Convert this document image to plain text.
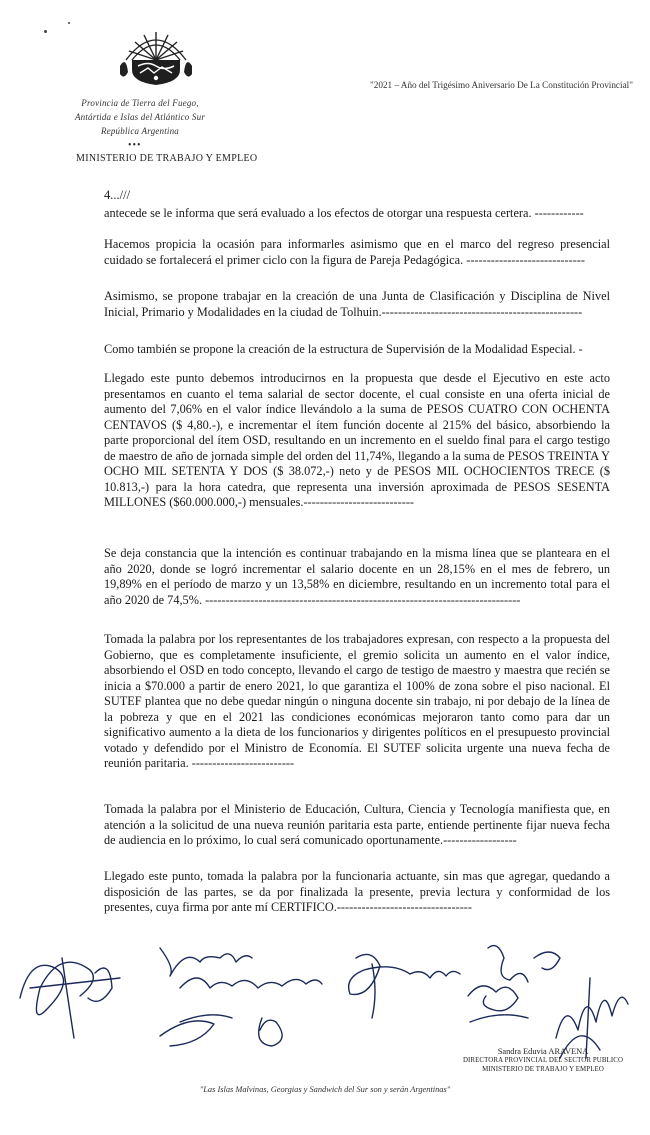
Provincia de Tierra del Fuego,
Antártida e Islas del Atlántico Sur
República Argentina
•••
MINISTERIO DE TRABAJO Y EMPLEO
"2021 – Año del Trigésimo Aniversario De La Constitución Provincial"
4...///

antecede se le informa que será evaluado a los efectos de otorgar una respuesta certera. ------------

Hacemos propicia la ocasión para informarles asimismo que en el marco del regreso presencial cuidado se fortalecerá el primer ciclo con la figura de Pareja Pedagógica. -----------------------------

Asimismo, se propone trabajar en la creación de una Junta de Clasificación y Disciplina de Nivel Inicial, Primario y Modalidades en la ciudad de Tolhuin.-------------------------------------------------

Como también se propone la creación de la estructura de Supervisión de la Modalidad Especial. -

Llegado este punto debemos introducirnos en la propuesta que desde el Ejecutivo en este acto presentamos en cuanto el tema salarial de sector docente, el cual consiste en una oferta inicial de aumento del 7,06% en el valor índice llevándolo a la suma de PESOS CUATRO CON OCHENTA CENTAVOS ($ 4,80.-), e incrementar el ítem función docente al 215% del básico, absorbiendo la parte proporcional del ítem OSD, resultando en un incremento en el sueldo final para el cargo testigo de maestro de año de jornada simple del orden del 11,74%, llegando a la suma de PESOS TREINTA Y OCHO MIL SETENTA Y DOS ($ 38.072,-) neto y de PESOS MIL OCHOCIENTOS TRECE ($ 10.813,-) para la hora catedra, que representa una inversión aproximada de PESOS SESENTA MILLONES ($60.000.000,-) mensuales.---------------------------

Se deja constancia que la intención es continuar trabajando en la misma línea que se planteara en el año 2020, donde se logró incrementar el salario docente en un 28,15% en el mes de febrero, un 19,89% en el período de marzo y un 13,58% en diciembre, resultando en un incremento total para el año 2020 de 74,5%. -----------------------------------------------------------------------------

Tomada la palabra por los representantes de los trabajadores expresan, con respecto a la propuesta del Gobierno, que es completamente insuficiente, el gremio solicita un aumento en el valor índice, absorbiendo el OSD en todo concepto, llevando el cargo de testigo de maestro y maestra que recién se inicia a $70.000 a partir de enero 2021, lo que garantiza el 100% de zona sobre el piso nacional. El SUTEF plantea que no debe quedar ningún o ninguna docente sin trabajo, ni por debajo de la línea de la pobreza y que en el 2021 las condiciones económicas mejoraron tanto como para dar un significativo aumento a la dieta de los funcionarios y dirigentes políticos en el presupuesto provincial votado y defendido por el Ministro de Economía. El SUTEF solicita urgente una nueva fecha de reunión paritaria. -------------------------

Tomada la palabra por el Ministerio de Educación, Cultura, Ciencia y Tecnología manifiesta que, en atención a la solicitud de una nueva reunión paritaria esta parte, entiende pertinente fijar nueva fecha de audiencia en lo próximo, lo cual será comunicado oportunamente.------------------

Llegado este punto, tomada la palabra por la funcionaria actuante, sin mas que agregar, quedando a disposición de las partes, se da por finalizada la presente, previa lectura y conformidad de los presentes, cuya firma por ante mí CERTIFICO.---------------------------------

Sandra Eduvia ARAVENA
DIRECTORA PROVINCIAL DEL SECTOR PUBLICO
MINISTERIO DE TRABAJO Y EMPLEO
"Las Islas Malvinas, Georgias y Sandwich del Sur son y serán Argentinas"
